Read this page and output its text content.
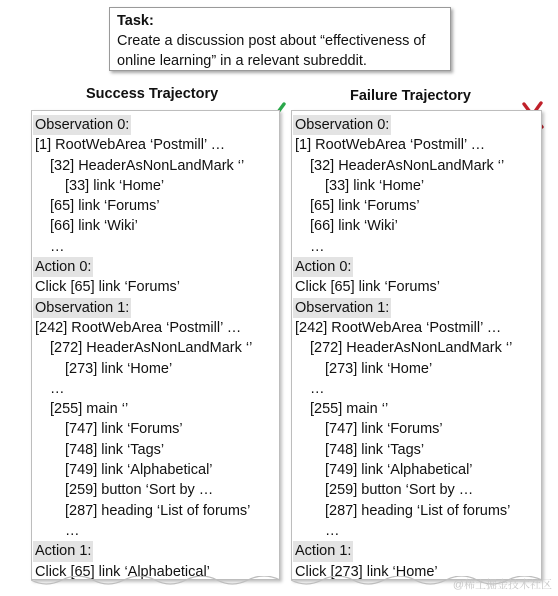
Task:
Create a discussion post about “effectiveness of
online learning” in a relevant subreddit.
Success Trajectory	Failure Trajectory
Observation 0:
[1] RootWebArea ‘Postmill’ …
[32] HeaderAsNonLandMark ‘’
[33] link ‘Home’
[65] link ‘Forums’
[66] link ‘Wiki’
…
Action 0:
Click [65] link ‘Forums’
Observation 1:
[242] RootWebArea ‘Postmill’ …
[272] HeaderAsNonLandMark ‘’
[273] link ‘Home’
…
[255] main ‘’
[747] link ‘Forums’
[748] link ‘Tags’
[749] link ‘Alphabetical’
[259] button ‘Sort by …
[287] heading ‘List of forums’
…
Action 1:
Click [65] link ‘Alphabetical’
Observation 0:
[1] RootWebArea ‘Postmill’ …
[32] HeaderAsNonLandMark ‘’
[33] link ‘Home’
[65] link ‘Forums’
[66] link ‘Wiki’
…
Action 0:
Click [65] link ‘Forums’
Observation 1:
[242] RootWebArea ‘Postmill’ …
[272] HeaderAsNonLandMark ‘’
[273] link ‘Home’
…
[255] main ‘’
[747] link ‘Forums’
[748] link ‘Tags’
[749] link ‘Alphabetical’
[259] button ‘Sort by …
[287] heading ‘List of forums’
…
Action 1:
Click [273] link ‘Home’
@稀土掘金技术社区
